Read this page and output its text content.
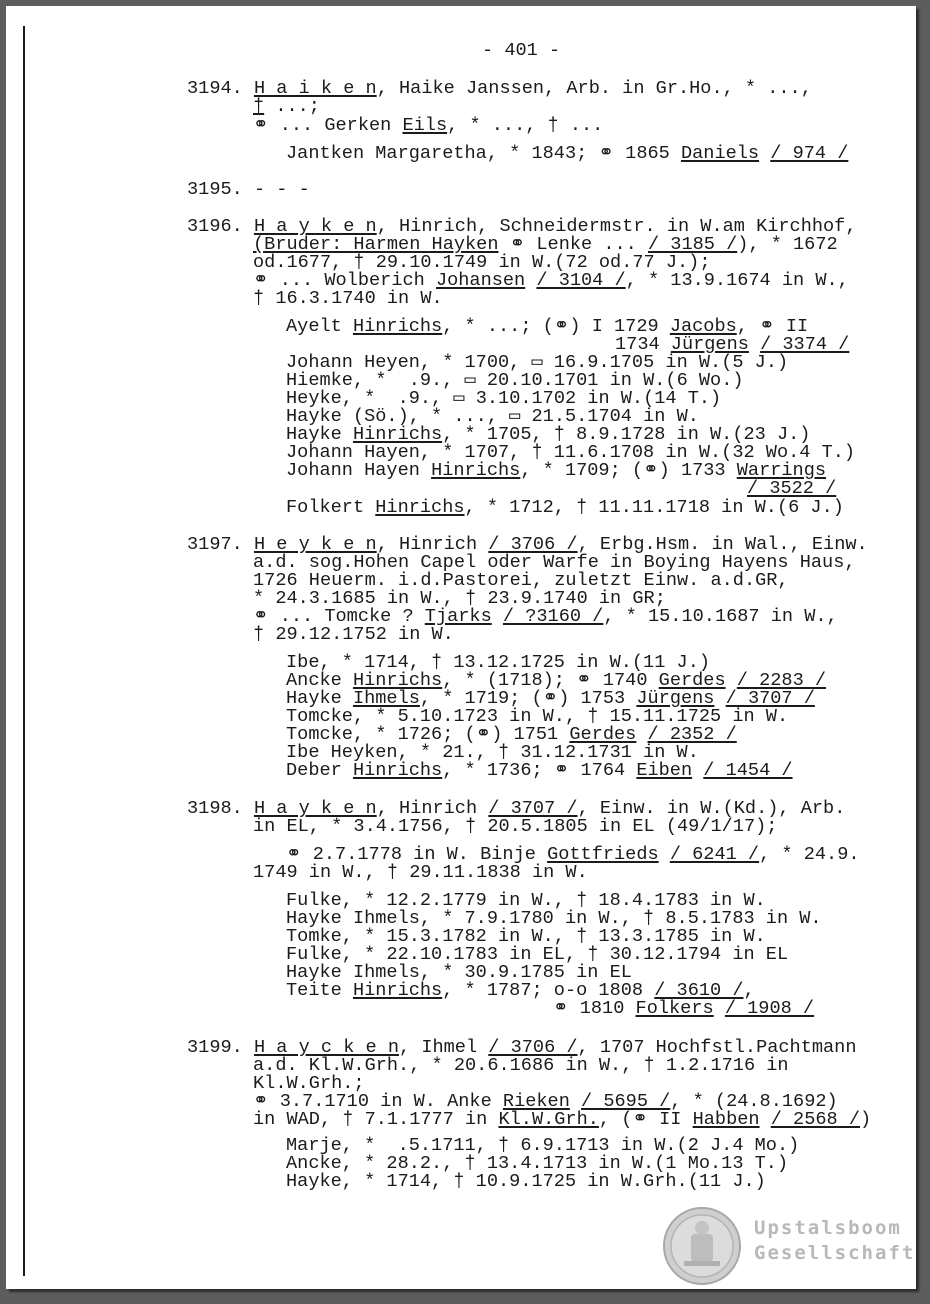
- 401 -
3194. H a i k e n, Haike Janssen, Arb. in Gr.Ho., * ...,
† ...;
⚭ ... Gerken Eils, * ..., † ...
Jantken Margaretha, * 1843; ⚭ 1865 Daniels / 974 /
3195. - - -
3196. H a y k e n, Hinrich, Schneidermstr. in W.am Kirchhof,
(Bruder: Harmen Hayken ⚭ Lenke ... / 3185 /), * 1672
od.1677, † 29.10.1749 in W.(72 od.77 J.);
⚭ ... Wolberich Johansen / 3104 /, * 13.9.1674 in W.,
† 16.3.1740 in W.
Ayelt Hinrichs, * ...; (⚭) I 1729 Jacobs, ⚭ II
1734 Jürgens / 3374 /
Johann Heyen, * 1700, ▭ 16.9.1705 in W.(5 J.)
Hiemke, *  .9., ▭ 20.10.1701 in W.(6 Wo.)
Heyke, *  .9., ▭ 3.10.1702 in W.(14 T.)
Hayke (Sö.), * ..., ▭ 21.5.1704 in W.
Hayke Hinrichs, * 1705, † 8.9.1728 in W.(23 J.)
Johann Hayen, * 1707, † 11.6.1708 in W.(32 Wo.4 T.)
Johann Hayen Hinrichs, * 1709; (⚭) 1733 Warrings
/ 3522 /
Folkert Hinrichs, * 1712, † 11.11.1718 in W.(6 J.)
3197. H e y k e n, Hinrich / 3706 /, Erbg.Hsm. in Wal., Einw.
a.d. sog.Hohen Capel oder Warfe in Boying Hayens Haus,
1726 Heuerm. i.d.Pastorei, zuletzt Einw. a.d.GR,
* 24.3.1685 in W., † 23.9.1740 in GR;
⚭ ... Tomcke ? Tjarks / ?3160 /, * 15.10.1687 in W.,
† 29.12.1752 in W.
Ibe, * 1714, † 13.12.1725 in W.(11 J.)
Ancke Hinrichs, * (1718); ⚭ 1740 Gerdes / 2283 /
Hayke Ihmels, * 1719; (⚭) 1753 Jürgens / 3707 /
Tomcke, * 5.10.1723 in W., † 15.11.1725 in W.
Tomcke, * 1726; (⚭) 1751 Gerdes / 2352 /
Ibe Heyken, * 21., † 31.12.1731 in W.
Deber Hinrichs, * 1736; ⚭ 1764 Eiben / 1454 /
3198. H a y k e n, Hinrich / 3707 /, Einw. in W.(Kd.), Arb.
in EL, * 3.4.1756, † 20.5.1805 in EL (49/1/17);
⚭ 2.7.1778 in W. Binje Gottfrieds / 6241 /, * 24.9.
1749 in W., † 29.11.1838 in W.
Fulke, * 12.2.1779 in W., † 18.4.1783 in W.
Hayke Ihmels, * 7.9.1780 in W., † 8.5.1783 in W.
Tomke, * 15.3.1782 in W., † 13.3.1785 in W.
Fulke, * 22.10.1783 in EL, † 30.12.1794 in EL
Hayke Ihmels, * 30.9.1785 in EL
Teite Hinrichs, * 1787; o-o 1808 / 3610 /,
⚭ 1810 Folkers / 1908 /
3199. H a y c k e n, Ihmel / 3706 /, 1707 Hochfstl.Pachtmann
a.d. Kl.W.Grh., * 20.6.1686 in W., † 1.2.1716 in
Kl.W.Grh.;
⚭ 3.7.1710 in W. Anke Rieken / 5695 /, * (24.8.1692)
in WAD, † 7.1.1777 in Kl.W.Grh., (⚭ II Habben / 2568 /)
Marje, *  .5.1711, † 6.9.1713 in W.(2 J.4 Mo.)
Ancke, * 28.2., † 13.4.1713 in W.(1 Mo.13 T.)
Hayke, * 1714, † 10.9.1725 in W.Grh.(11 J.)
Upstalsboom
Gesellschaft
